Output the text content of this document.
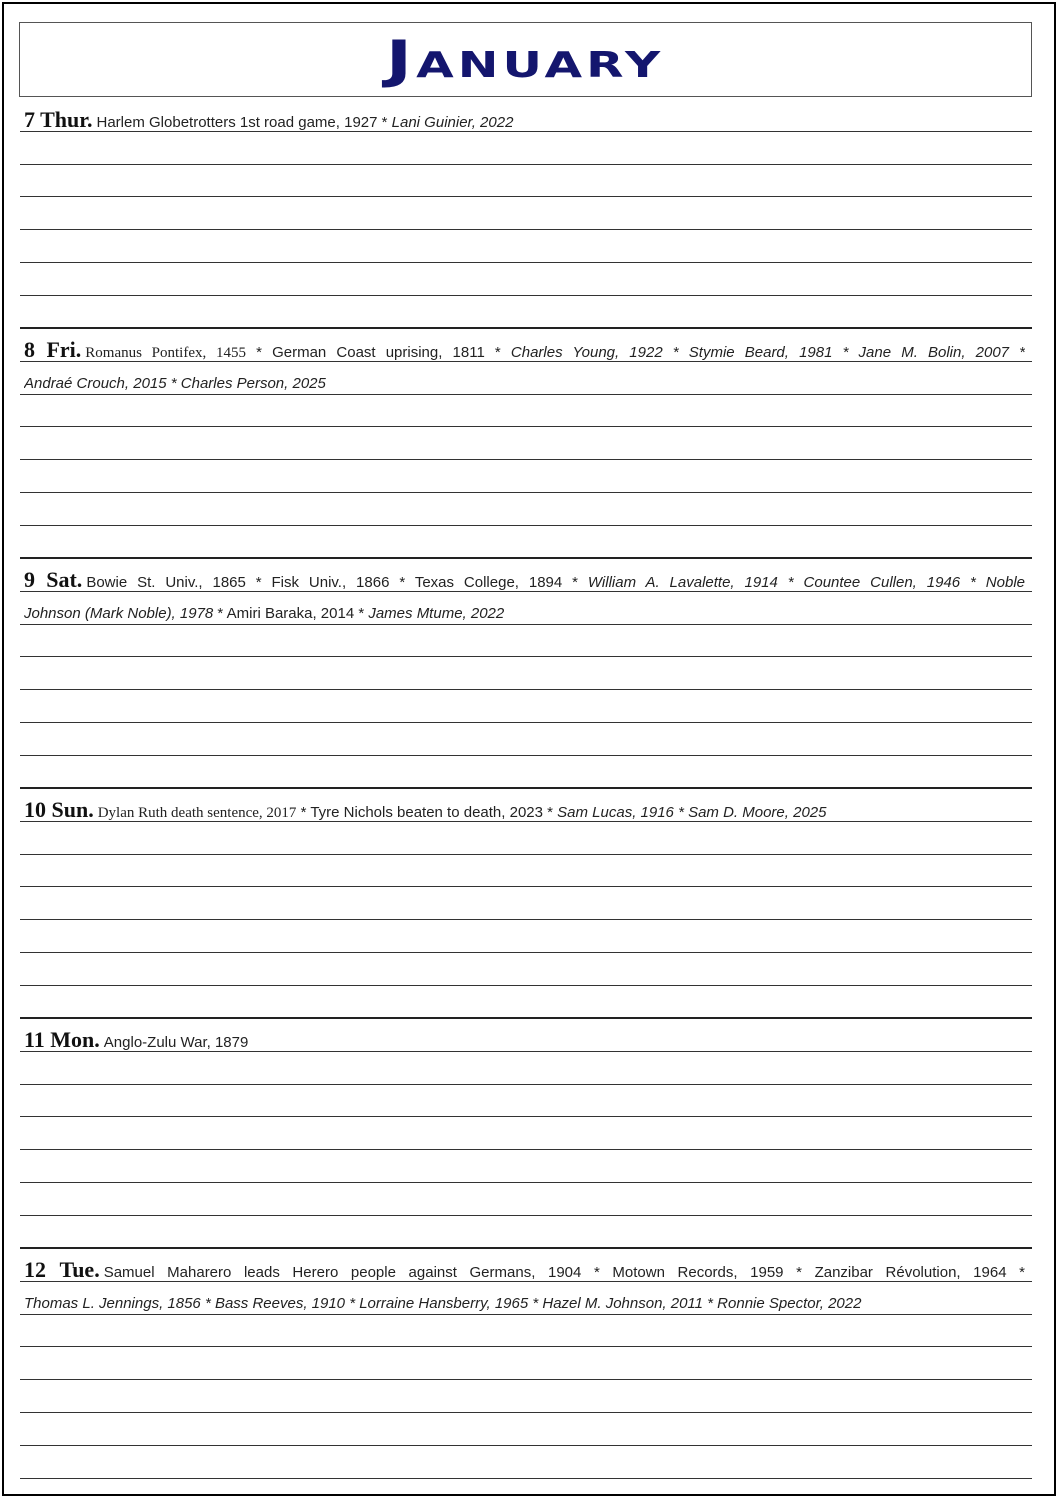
January
7 Thur. Harlem Globetrotters 1st road game, 1927 * Lani Guinier, 2022
8 Fri. Romanus Pontifex, 1455 * German Coast uprising, 1811 * Charles Young, 1922 * Stymie Beard, 1981 * Jane M. Bolin, 2007 *
Andraé Crouch, 2015 * Charles Person, 2025
9 Sat. Bowie St. Univ., 1865 * Fisk Univ., 1866 * Texas College, 1894 * William A. Lavalette, 1914 * Countee Cullen, 1946 * Noble
Johnson (Mark Noble), 1978 * Amiri Baraka, 2014 * James Mtume, 2022
10 Sun. Dylan Ruth death sentence, 2017 * Tyre Nichols beaten to death, 2023 * Sam Lucas, 1916 * Sam D. Moore, 2025
11 Mon. Anglo-Zulu War, 1879
12 Tue. Samuel Maharero leads Herero people against Germans, 1904 * Motown Records, 1959 * Zanzibar Révolution, 1964 *
Thomas L. Jennings, 1856 * Bass Reeves, 1910 * Lorraine Hansberry, 1965 * Hazel M. Johnson, 2011 * Ronnie Spector, 2022
